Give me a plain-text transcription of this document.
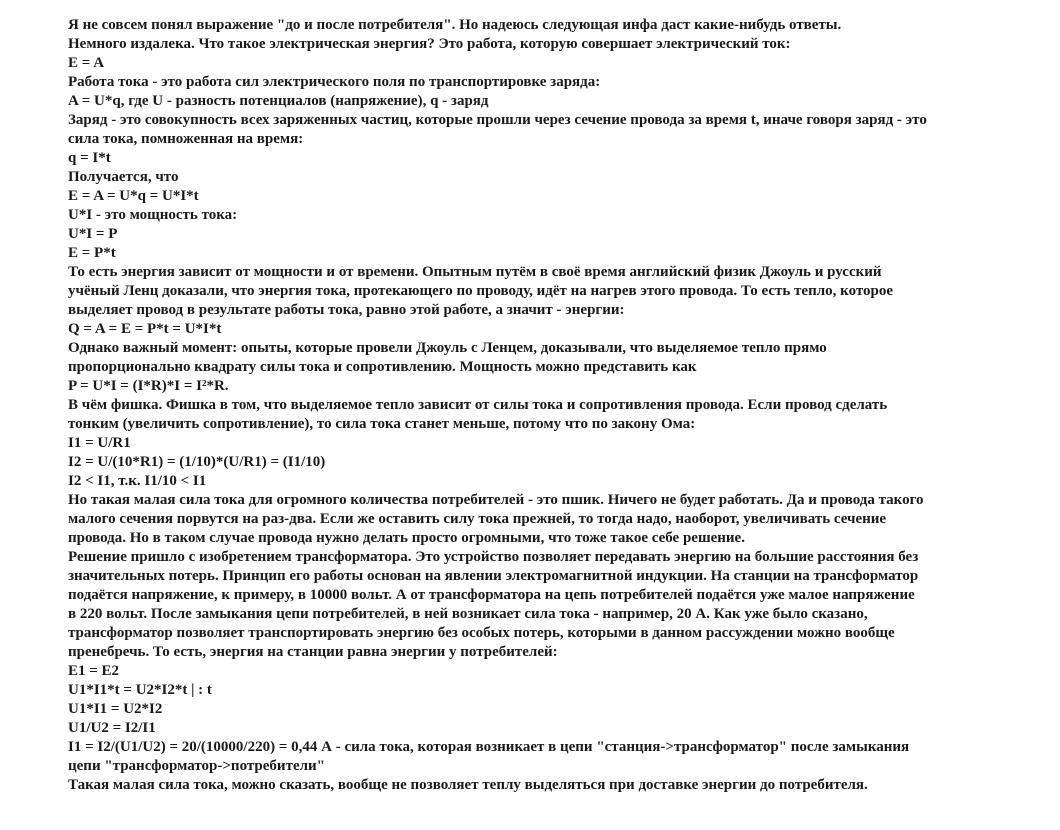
Я не совсем понял выражение "до и после потребителя". Но надеюсь следующая инфа даст какие-нибудь ответы.

Немного издалека. Что такое электрическая энергия? Это работа, которую совершает электрический ток:

E = A

Работа тока - это работа сил электрического поля по транспортировке заряда:

A = U*q, где U - разность потенциалов (напряжение), q - заряд

Заряд - это совокупность всех заряженных частиц, которые прошли через сечение провода за время t, иначе говоря заряд - это

сила тока, помноженная на время:

q = I*t

Получается, что

E = A = U*q = U*I*t

U*I - это мощность тока:

U*I = P

E = P*t

То есть энергия зависит от мощности и от времени. Опытным путём в своё время английский физик Джоуль и русский

учёный Ленц доказали, что энергия тока, протекающего по проводу, идёт на нагрев этого провода. То есть тепло, которое

выделяет провод в результате работы тока, равно этой работе, а значит - энергии:

Q = A = E = P*t = U*I*t

Однако важный момент: опыты, которые провели Джоуль с Ленцем, доказывали, что выделяемое тепло прямо

пропорционально квадрату силы тока и сопротивлению. Мощность можно представить как

P = U*I = (I*R)*I = I²*R.

В чём фишка. Фишка в том, что выделяемое тепло зависит от силы тока и сопротивления провода. Если провод сделать

тонким (увеличить сопротивление), то сила тока станет меньше, потому что по закону Ома:

I1 = U/R1

I2 = U/(10*R1) = (1/10)*(U/R1) = (I1/10)

I2 < I1, т.к. I1/10 < I1

Но такая малая сила тока для огромного количества потребителей - это пшик. Ничего не будет работать. Да и провода такого

малого сечения порвутся на раз-два. Если же оставить силу тока прежней, то тогда надо, наоборот, увеличивать сечение

провода. Но в таком случае провода нужно делать просто огромными, что тоже такое себе решение.

Решение пришло с изобретением трансформатора. Это устройство позволяет передавать энергию на большие расстояния без

значительных потерь. Принцип его работы основан на явлении электромагнитной индукции. На станции на трансформатор

подаётся напряжение, к примеру, в 10000 вольт. А от трансформатора на цепь потребителей подаётся уже малое напряжение

в 220 вольт. После замыкания цепи потребителей, в ней возникает сила тока - например, 20 А. Как уже было сказано,

трансформатор позволяет транспортировать энергию без особых потерь, которыми в данном рассуждении можно вообще

пренебречь. То есть, энергия на станции равна энергии у потребителей:

E1 = E2

U1*I1*t = U2*I2*t | : t

U1*I1 = U2*I2

U1/U2 = I2/I1

I1 = I2/(U1/U2) = 20/(10000/220) = 0,44 А - сила тока, которая возникает в цепи "станция->трансформатор" после замыкания

цепи "трансформатор->потребители"

Такая малая сила тока, можно сказать, вообще не позволяет теплу выделяться при доставке энергии до потребителя.
